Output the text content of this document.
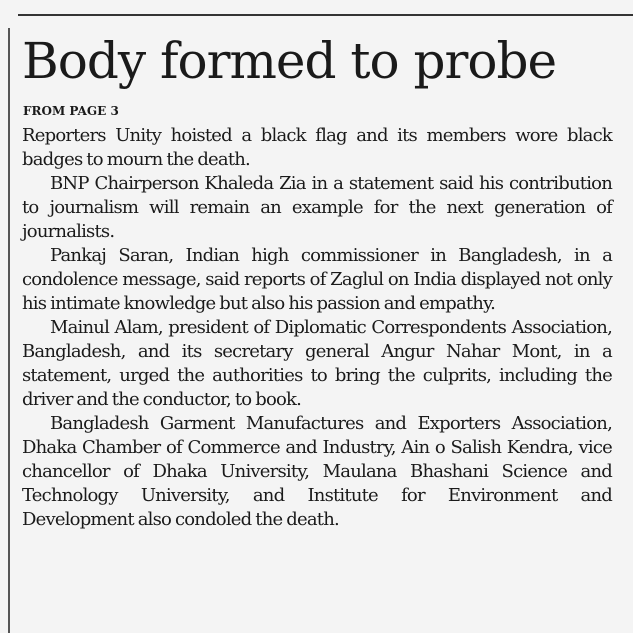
Body formed to probe
FROM PAGE 3

Reporters Unity hoisted a black flag and its members wore black badges to mourn the death.

BNP Chairperson Khaleda Zia in a statement said his contribution to journalism will remain an example for the next generation of journalists.

Pankaj Saran, Indian high commissioner in Bangladesh, in a condolence message, said reports of Zaglul on India displayed not only his intimate knowledge but also his passion and empathy.

Mainul Alam, president of Diplomatic Correspondents Association, Bangladesh, and its secretary general Angur Nahar Mont, in a statement, urged the authorities to bring the culprits, including the driver and the conductor, to book.

Bangladesh Garment Manufactures and Exporters Association, Dhaka Chamber of Commerce and Industry, Ain o Salish Kendra, vice chancellor of Dhaka University, Maulana Bhashani Science and Technology University, and Institute for Environment and Development also condoled the death.
